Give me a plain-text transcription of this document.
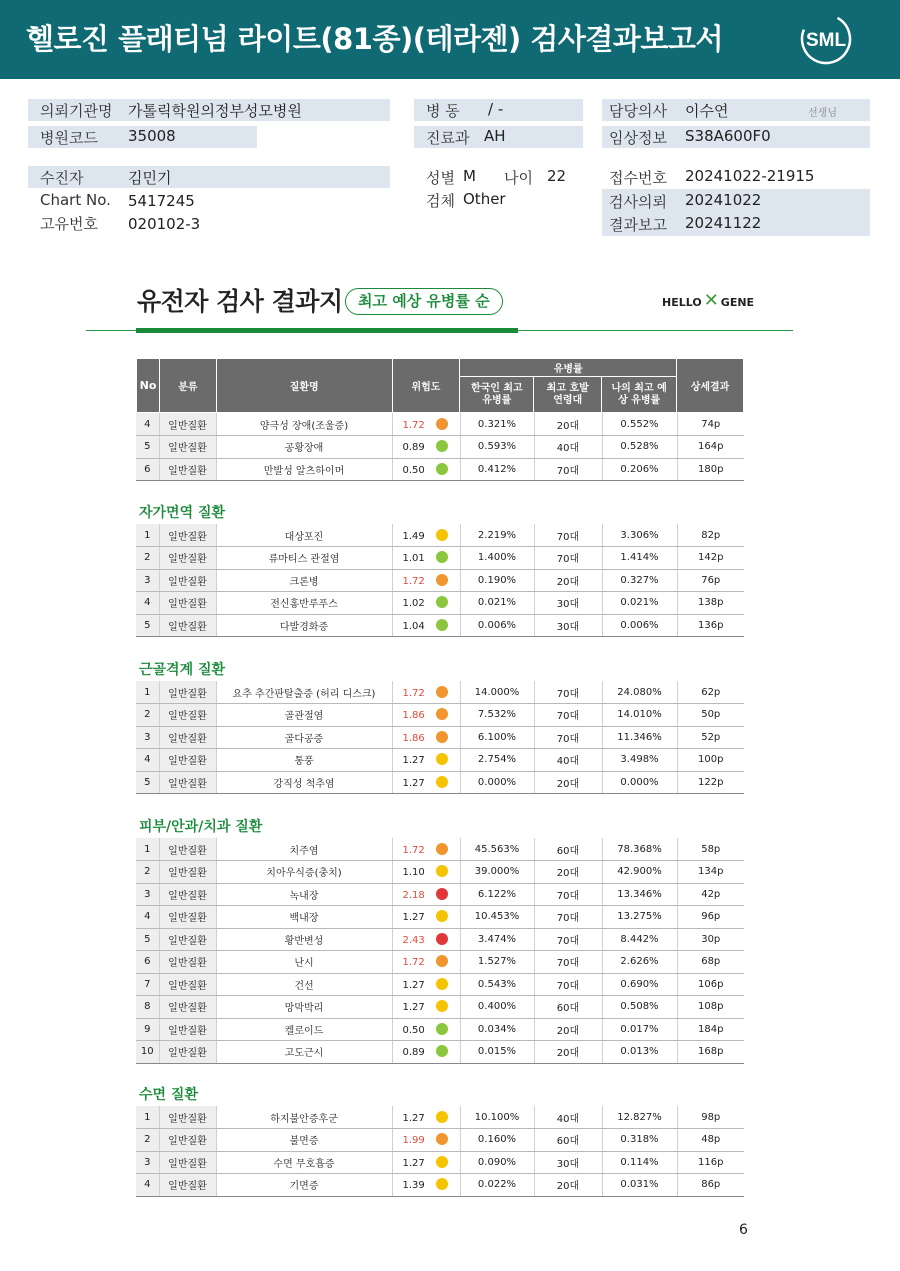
헬로진 플래티넘 라이트(81종)(테라젠) 검사결과보고서	SML
의뢰기관명 가톨릭학원의정부성모병원
병원코드 35008
병 동 / -
진료과 AH
담당의사 이수연	선생님
임상정보 S38A600F0
수진자	김민기
Chart No. 5417245
고유번호 020102-3
성별 M 나이 22
검체 Other
접수번호 20241022-21915
검사의뢰 20241022
결과보고 20241122
유전자 검사 결과지	최고 예상 유병률 순	HELLO ✕ GENE
No	분류	질환명	위험도	유병률			상세결과
				한국인 최고 유병률	최고 호발 연령대	나의 최고 예상 유병률	
4	일반질환	양극성 장애(조울증)	1.72	0.321%	20대	0.552%	74p
5	일반질환	공황장애	0.89	0.593%	40대	0.528%	164p
6	일반질환	만발성 알츠하이머	0.50	0.412%	70대	0.206%	180p
자가면역 질환
1	일반질환	대상포진	1.49	2.219%	70대	3.306%	82p
2	일반질환	류마티스 관절염	1.01	1.400%	70대	1.414%	142p
3	일반질환	크론병	1.72	0.190%	20대	0.327%	76p
4	일반질환	전신홍반루푸스	1.02	0.021%	30대	0.021%	138p
5	일반질환	다발경화증	1.04	0.006%	30대	0.006%	136p
근골격계 질환
1	일반질환	요추 추간판탈출증 (허리 디스크)	1.72	14.000%	70대	24.080%	62p
2	일반질환	골관절염	1.86	7.532%	70대	14.010%	50p
3	일반질환	골다공증	1.86	6.100%	70대	11.346%	52p
4	일반질환	통풍	1.27	2.754%	40대	3.498%	100p
5	일반질환	강직성 척추염	1.27	0.000%	20대	0.000%	122p
피부/안과/치과 질환
1	일반질환	치주염	1.72	45.563%	60대	78.368%	58p
2	일반질환	치아우식증(충치)	1.10	39.000%	20대	42.900%	134p
3	일반질환	녹내장	2.18	6.122%	70대	13.346%	42p
4	일반질환	백내장	1.27	10.453%	70대	13.275%	96p
5	일반질환	황반변성	2.43	3.474%	70대	8.442%	30p
6	일반질환	난시	1.72	1.527%	70대	2.626%	68p
7	일반질환	건선	1.27	0.543%	70대	0.690%	106p
8	일반질환	망막박리	1.27	0.400%	60대	0.508%	108p
9	일반질환	켈로이드	0.50	0.034%	20대	0.017%	184p
10	일반질환	고도근시	0.89	0.015%	20대	0.013%	168p
수면 질환
1	일반질환	하지불안증후군	1.27	10.100%	40대	12.827%	98p
2	일반질환	불면증	1.99	0.160%	60대	0.318%	48p
3	일반질환	수면 무호흡증	1.27	0.090%	30대	0.114%	116p
4	일반질환	기면증	1.39	0.022%	20대	0.031%	86p
6
